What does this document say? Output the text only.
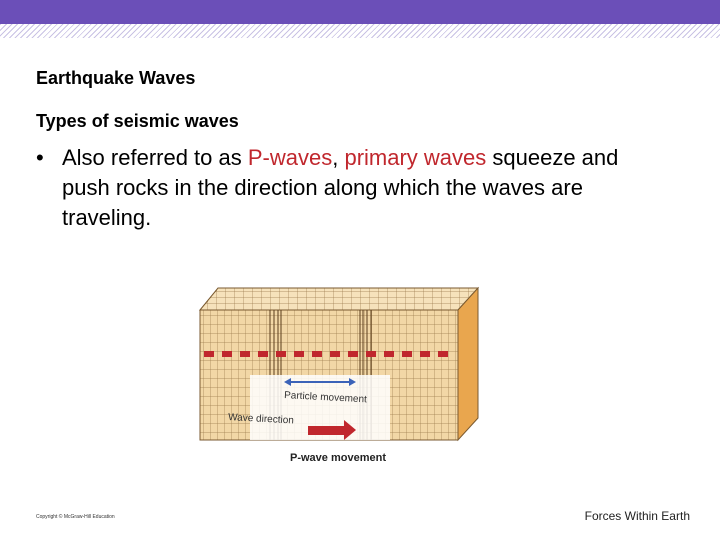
Earthquake Waves
Types of seismic waves
• Also referred to as P-waves, primary waves squeeze and push rocks in the direction along which the waves are traveling.
Particle movement
Wave direction
P-wave movement
Copyright © McGraw-Hill Education	Forces Within Earth
